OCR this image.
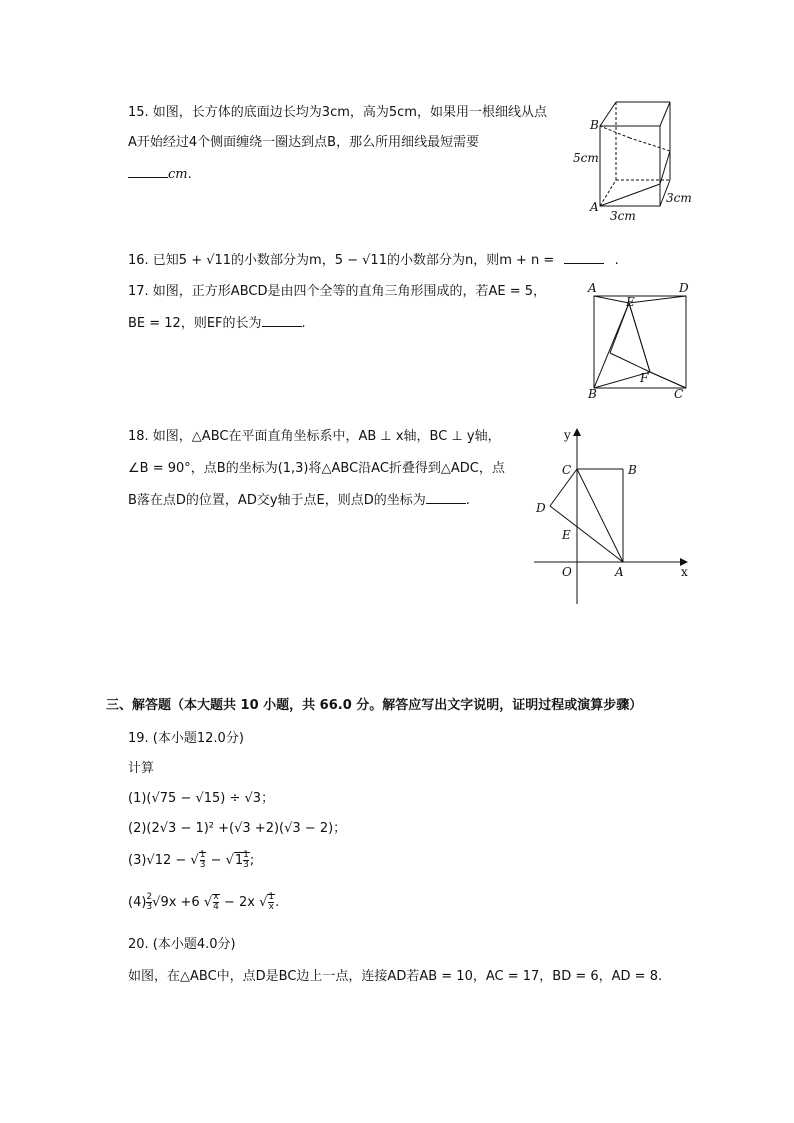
15. 如图，长方体的底面边长均为3cm，高为5cm，如果用一根细线从点
A开始经过4个侧面缠绕一圈达到点B，那么所用细线最短需要
cm.
B
A
5cm
3cm
3cm
16. 已知5 + √11的小数部分为m，5 − √11的小数部分为n，则m + n =	.
17. 如图，正方形ABCD是由四个全等的直角三角形围成的，若AE = 5，
BE = 12，则EF的长为	.
A	D
E
F
B	C
18. 如图，△ABC在平面直角坐标系中，AB ⊥ x轴，BC ⊥ y轴，
∠B = 90°，点B的坐标为(1,3)将△ABC沿AC折叠得到△ADC，点
B落在点D的位置，AD交y轴于点E，则点D的坐标为	.
y
x
C	B
D
E
O	A
三、解答题（本大题共 10 小题，共 66.0 分。解答应写出文字说明，证明过程或演算步骤）
19. (本小题12.0分)
计算
(1)(√75 − √15) ÷ √3；
(2)(2√3 − 1)² +(√3 +2)(√3 − 2)；
(3)√12 − √ $\frac{1}{3} - √1 \frac{1}{3}$ ;
$(4) \frac{2}{3} √9x +6$ √ $\frac{x}{4} - 2x$ √ $\frac{1}{x}$ .
20. (本小题4.0分)
如图，在△ABC中，点D是BC边上一点，连接AD若AB = 10，AC = 17，BD = 6，AD = 8.
